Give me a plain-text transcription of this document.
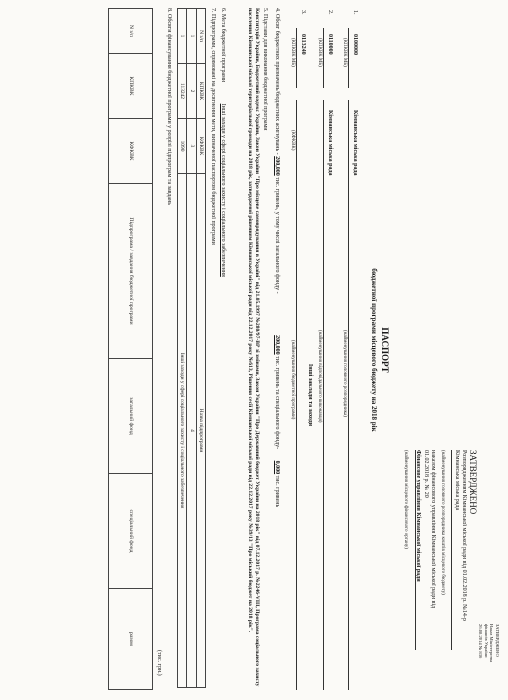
ЗАТВЕРДЖЕНО
Наказ Міністерства
фінансів України
26.08.2014 № 836
ЗАТВЕРДЖЕНО
Розпорядженням Кімнанської міської ради від 01.02.2018 р. №14-р
Кімнанська міська рада
(найменування головного розпорядника коштів місцевого бюджету)
наказом фінансового управління Кімнанської міської ради від
01.02.2018 р. № 20
Фінансове управління Кімнанської міської ради
(найменування місцевого фінансового органу)
ПАСПОРТ
бюджетної програми місцевого бюджету на 2018 рік
1.
0100000
(КПКВК МБ)
Кімнанська міська рада
(найменування головного розпорядника)
2.
0110000
(КПКВК МБ)
Кімнанська міська рада
(найменування відповідального виконавця)
3.
0113240
(КПКВК МБ)
Інші заклади та заходи
(КФКВК)
(найменування бюджетної програми)
4. Обсяг бюджетних призначень/бюджетних асигнувань - 200,000 тис. гривень, у тому числі загального фонду - 200,000 тис. гривень та спеціального фонду- 0,000 тис. гривень
5. Підстави для виконання бюджетної програми
Конституція України, Бюджетний кодекс України, Закон України "Про місцеве самоврядування в Україні" від 21.05.1997 №280/97-ВР зі змінами, Закон України "Про Державний бюджет України на 2018 рік" від 07.12.2017 р. №2246-VIII, Програма соціального захисту населення Кімнанської міської територіальної громади на 2018 рік, затвердженої рішенням Кімнанської міської ради від 22.12.2017 року №613, Рішення сесії Кімнанської міської ради від 22.12.2017 року №39/13 "Про міський бюджет на 2018 рік".
6. Мета бюджетної програми Інші заходи у сфері соціального захисту і соціального забезпечення
7. Підпрограми, спрямовані на досягнення мети, визначеної паспортом бюджетної програми
N з/п	КПКВК	КФКВК	Назва підпрограми
1	2	3	4
1	113242	1090	Інші заходи у сфері соціального захисту і соціального забезпечення
8. Обсяги фінансування бюджетної програми у розрізі підпрограм та завдань
(тис. грн.)
N з/п	КПКВК	КФКВК	Підпрограма / завдання бюджетної програми	загальний фонд	спеціальний фонд	разом
